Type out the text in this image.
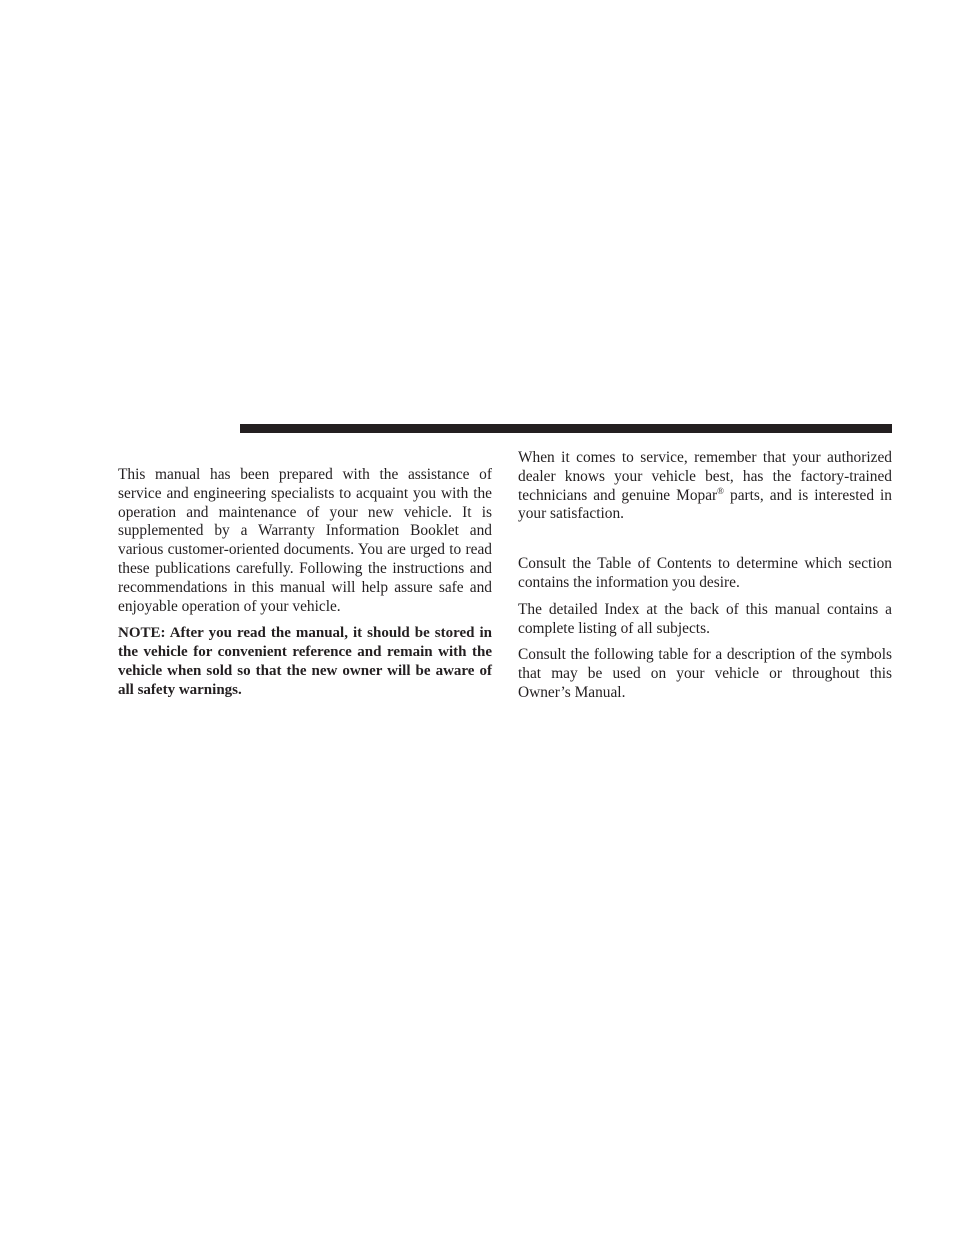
This manual has been prepared with the assistance of service and engineering specialists to acquaint you with the operation and maintenance of your new vehicle. It is supplemented by a Warranty Information Booklet and various customer-oriented documents. You are urged to read these publications carefully. Following the instructions and recommendations in this manual will help assure safe and enjoyable operation of your vehicle.

NOTE: After you read the manual, it should be stored in the vehicle for convenient reference and remain with the vehicle when sold so that the new owner will be aware of all safety warnings.

When it comes to service, remember that your authorized dealer knows your vehicle best, has the factory-trained technicians and genuine Mopar® parts, and is interested in your satisfaction.

Consult the Table of Contents to determine which section contains the information you desire.

The detailed Index at the back of this manual contains a complete listing of all subjects.

Consult the following table for a description of the symbols that may be used on your vehicle or throughout this Owner’s Manual.
